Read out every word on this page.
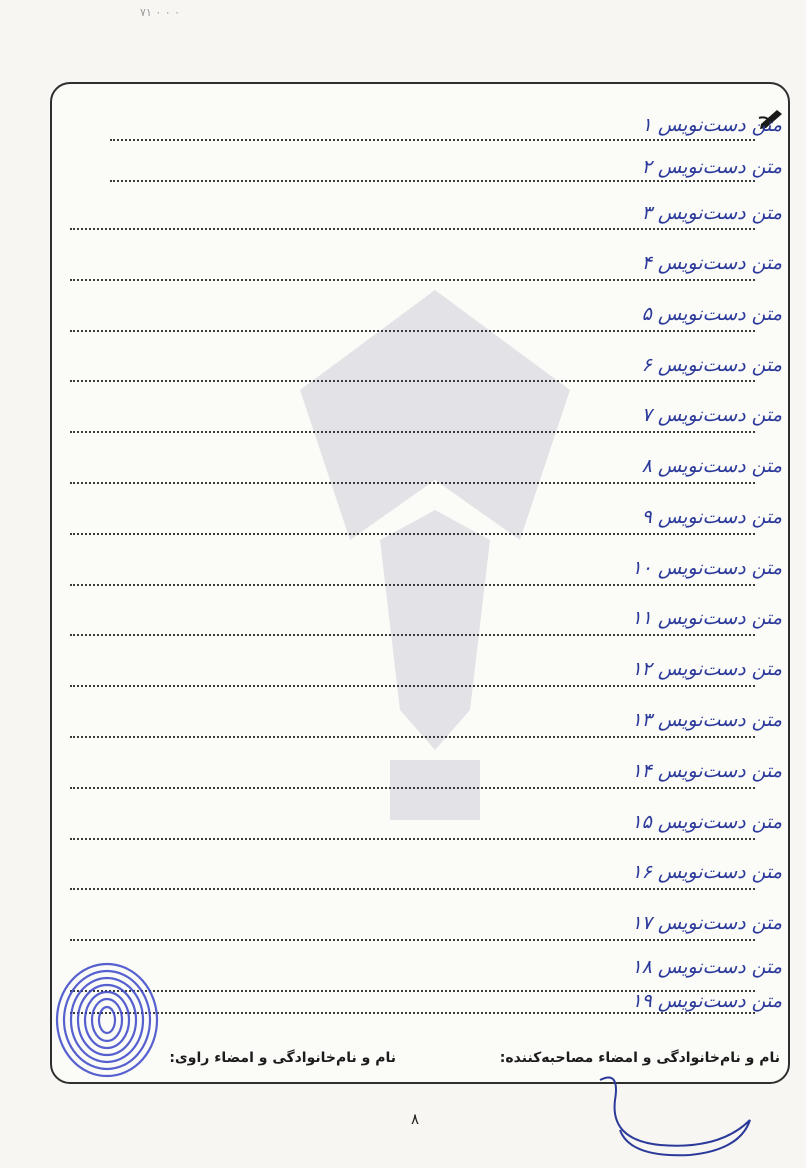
۷۱ ۰ ۰ ۰
متن دست‌نویس ۱
متن دست‌نویس ۲
متن دست‌نویس ۳
متن دست‌نویس ۴
متن دست‌نویس ۵
متن دست‌نویس ۶
متن دست‌نویس ۷
متن دست‌نویس ۸
متن دست‌نویس ۹
متن دست‌نویس ۱۰
متن دست‌نویس ۱۱
متن دست‌نویس ۱۲
متن دست‌نویس ۱۳
متن دست‌نویس ۱۴
متن دست‌نویس ۱۵
متن دست‌نویس ۱۶
متن دست‌نویس ۱۷
متن دست‌نویس ۱۸
متن دست‌نویس ۱۹
نام و نام‌خانوادگی و امضاء مصاحبه‌کننده:
نام و نام‌خانوادگی و امضاء راوی:
۸
